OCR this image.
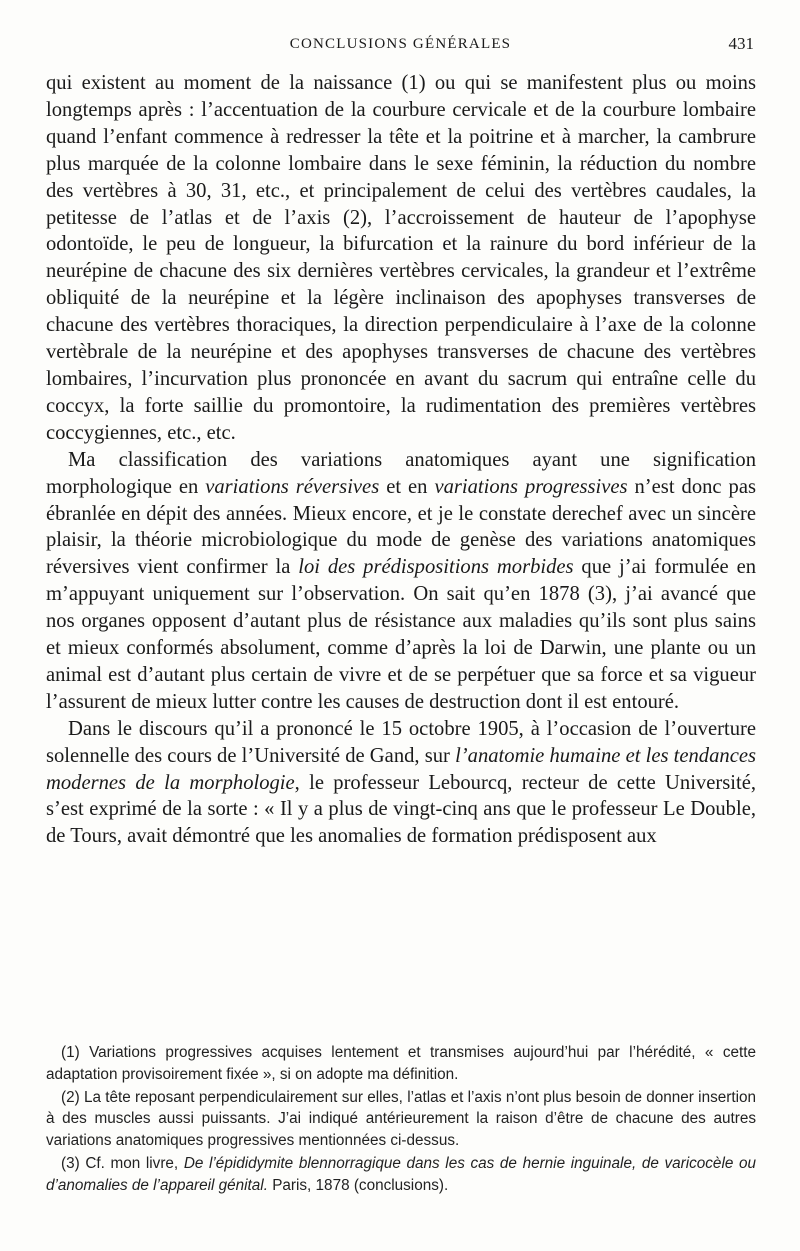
CONCLUSIONS GÉNÉRALES	431

qui existent au moment de la naissance (1) ou qui se manifestent plus ou moins longtemps après : l’accentuation de la courbure cervicale et de la courbure lombaire quand l’enfant commence à redresser la tête et la poitrine et à marcher, la cambrure plus marquée de la colonne lombaire dans le sexe féminin, la réduction du nombre des vertèbres à 30, 31, etc., et principalement de celui des vertèbres caudales, la petitesse de l’atlas et de l’axis (2), l’accroissement de hauteur de l’apophyse odontoïde, le peu de longueur, la bifurcation et la rainure du bord inférieur de la neurépine de chacune des six dernières vertèbres cervicales, la grandeur et l’extrême obliquité de la neurépine et la légère inclinaison des apophyses transverses de chacune des vertèbres thoraciques, la direction perpendiculaire à l’axe de la colonne vertèbrale de la neurépine et des apophyses transverses de chacune des vertèbres lombaires, l’incurvation plus prononcée en avant du sacrum qui entraîne celle du coccyx, la forte saillie du promontoire, la rudimentation des premières vertèbres coccygiennes, etc., etc.

Ma classification des variations anatomiques ayant une signification morphologique en variations réversives et en variations progressives n’est donc pas ébranlée en dépit des années. Mieux encore, et je le constate derechef avec un sincère plaisir, la théorie microbiologique du mode de genèse des variations anatomiques réversives vient confirmer la loi des prédispositions morbides que j’ai formulée en m’appuyant uniquement sur l’observation. On sait qu’en 1878 (3), j’ai avancé que nos organes opposent d’autant plus de résistance aux maladies qu’ils sont plus sains et mieux conformés absolument, comme d’après la loi de Darwin, une plante ou un animal est d’autant plus certain de vivre et de se perpétuer que sa force et sa vigueur l’assurent de mieux lutter contre les causes de destruction dont il est entouré.

Dans le discours qu’il a prononcé le 15 octobre 1905, à l’occasion de l’ouverture solennelle des cours de l’Université de Gand, sur l’anatomie humaine et les tendances modernes de la morphologie, le professeur Lebourcq, recteur de cette Université, s’est exprimé de la sorte : « Il y a plus de vingt-cinq ans que le professeur Le Double, de Tours, avait démontré que les anomalies de formation prédisposent aux

(1) Variations progressives acquises lentement et transmises aujourd’hui par l’hérédité, « cette adaptation provisoirement fixée », si on adopte ma définition.

(2) La tête reposant perpendiculairement sur elles, l’atlas et l’axis n’ont plus besoin de donner insertion à des muscles aussi puissants. J’ai indiqué antérieurement la raison d’être de chacune des autres variations anatomiques progressives mentionnées ci-dessus.

(3) Cf. mon livre, De l’épididymite blennorragique dans les cas de hernie inguinale, de varicocèle ou d’anomalies de l’appareil génital. Paris, 1878 (conclusions).
